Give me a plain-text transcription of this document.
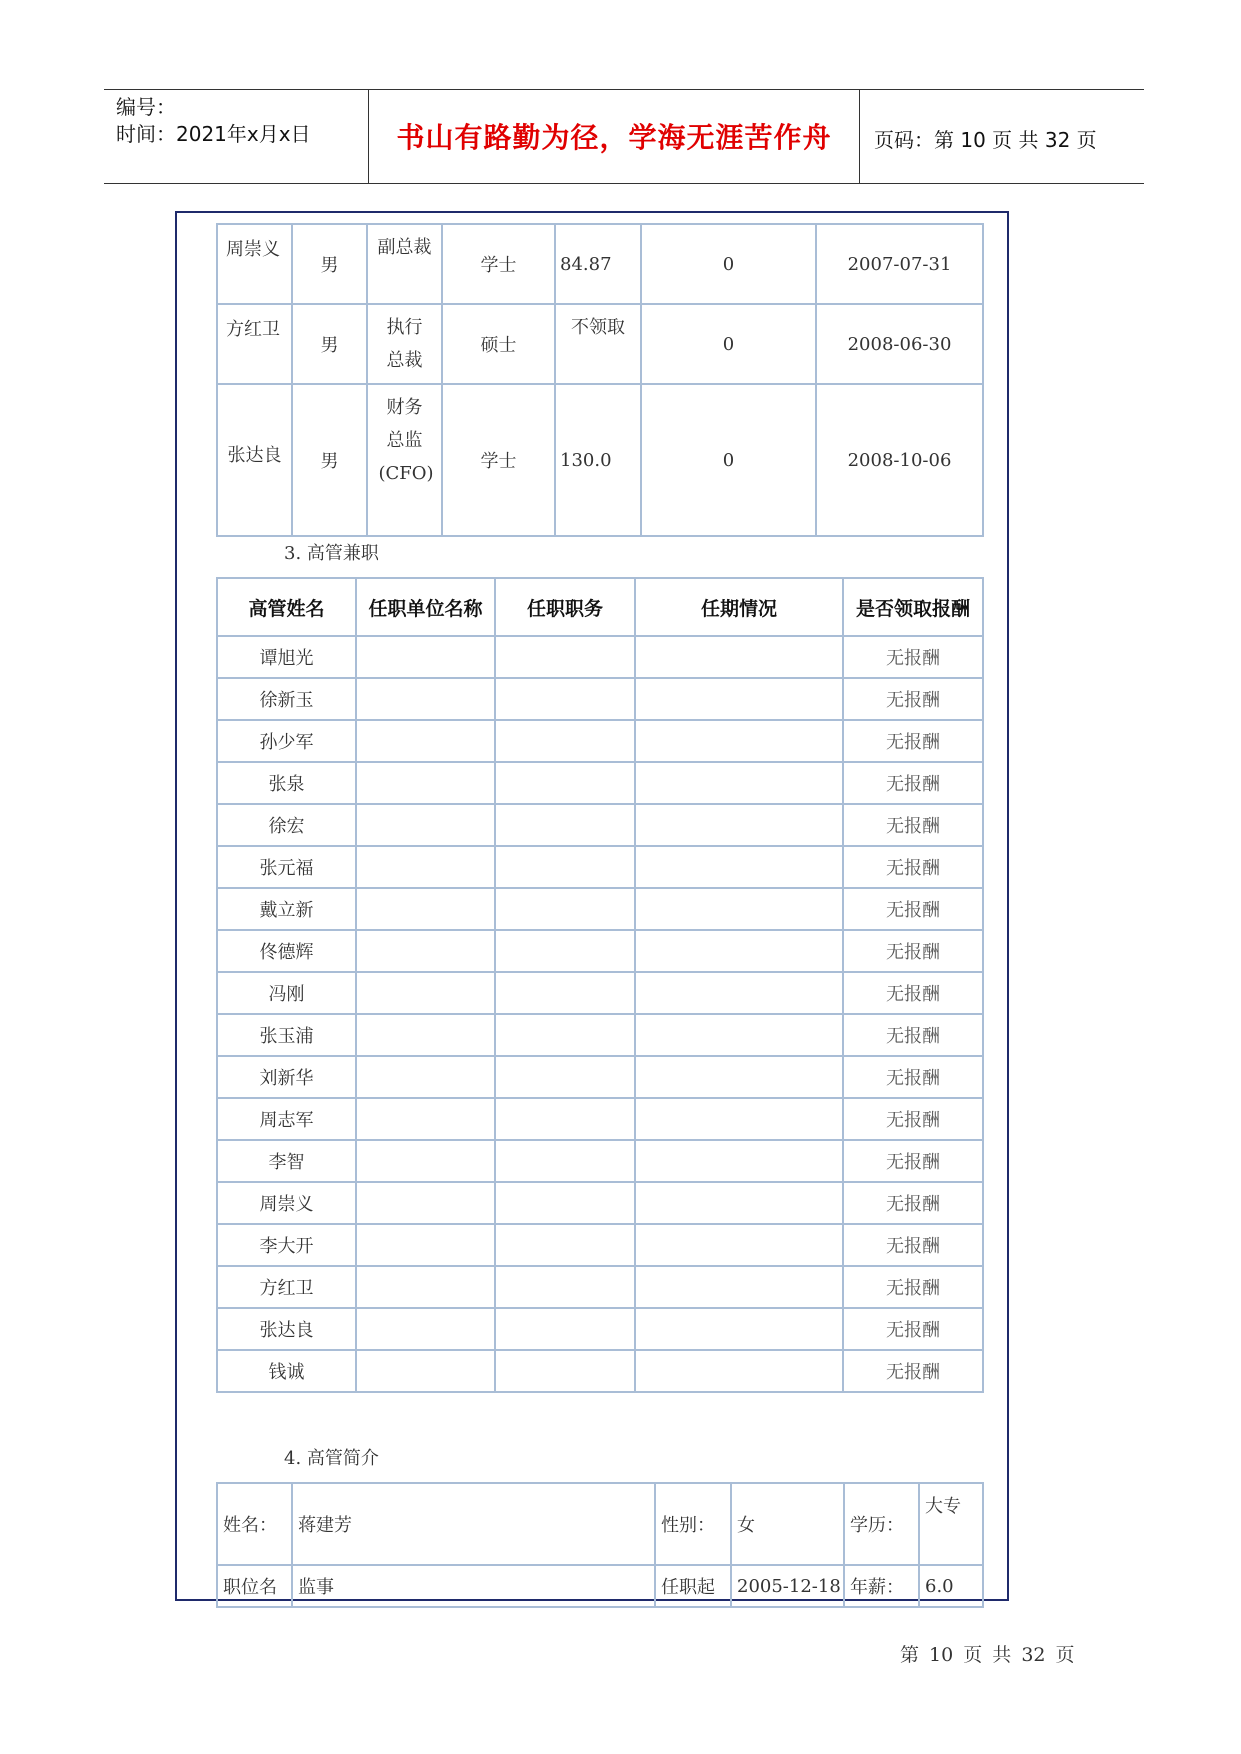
编号：
时间：2021年x月x日	书山有路勤为径，学海无涯苦作舟	页码：第 10 页 共 32 页
周崇义	男	副总裁	学士	84.87	0	2007-07-31

方红卫	男	执行总裁	硕士	不领取	0	2008-06-30
张达良	男	财务总监(CFO)	学士	130.0	0	2008-10-06
3. 高管兼职
高管姓名	任职单位名称	任职职务	任期情况	是否领取报酬
谭旭光				无报酬
徐新玉				无报酬
孙少军				无报酬
张泉				无报酬
徐宏				无报酬
张元福				无报酬
戴立新				无报酬
佟德辉				无报酬
冯刚				无报酬
张玉浦				无报酬
刘新华				无报酬
周志军				无报酬
李智				无报酬
周崇义				无报酬
李大开				无报酬
方红卫				无报酬
张达良				无报酬
钱诚				无报酬
4. 高管简介
姓名：	蒋建芳	性别：	女	学历：	大专
职位名	监事	任职起	2005-12-18	年薪：	6.0
第 10 页 共 32 页
